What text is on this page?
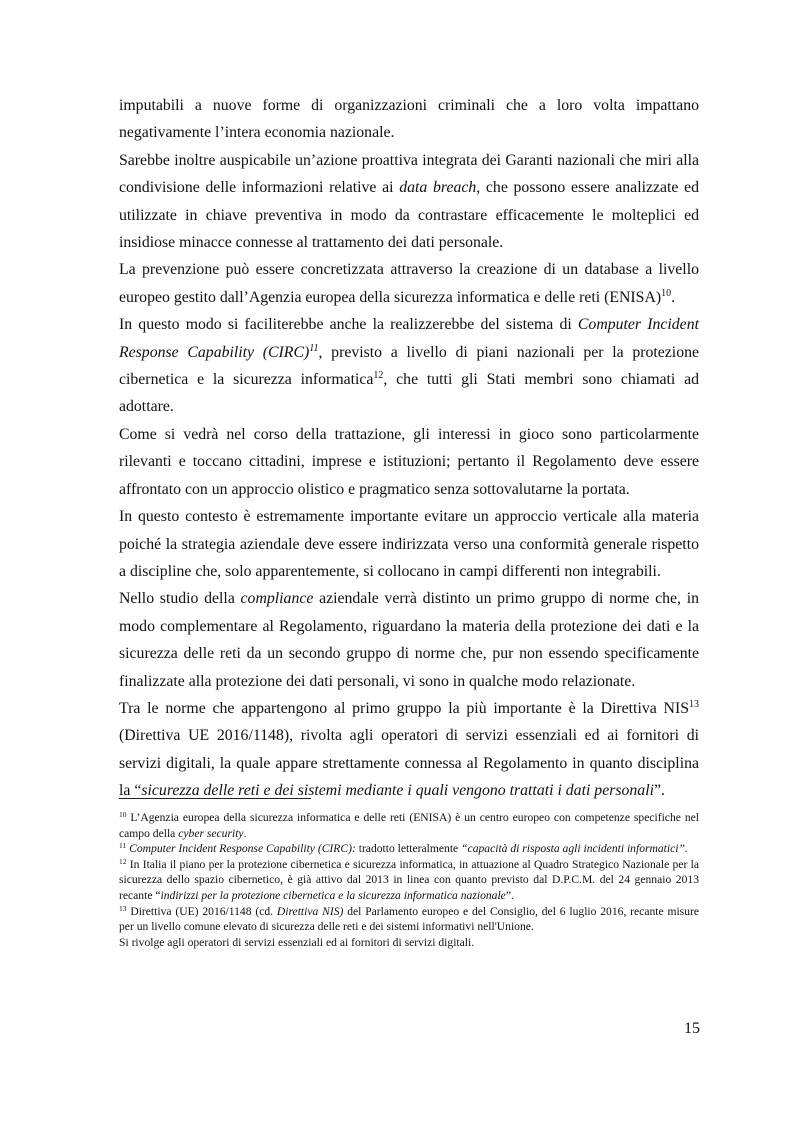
imputabili a nuove forme di organizzazioni criminali che a loro volta impattano negativamente l’intera economia nazionale.

Sarebbe inoltre auspicabile un’azione proattiva integrata dei Garanti nazionali che miri alla condivisione delle informazioni relative ai data breach, che possono essere analizzate ed utilizzate in chiave preventiva in modo da contrastare efficacemente le molteplici ed insidiose minacce connesse al trattamento dei dati personale.

La prevenzione può essere concretizzata attraverso la creazione di un database a livello europeo gestito dall’Agenzia europea della sicurezza informatica e delle reti (ENISA)$^{10}$.

In questo modo si faciliterebbe anche la realizzerebbe del sistema di Computer Incident Response Capability (CIRC)$^{11}$, previsto a livello di piani nazionali per la protezione cibernetica e la sicurezza informatica$^{12}$, che tutti gli Stati membri sono chiamati ad adottare.

Come si vedrà nel corso della trattazione, gli interessi in gioco sono particolarmente rilevanti e toccano cittadini, imprese e istituzioni; pertanto il Regolamento deve essere affrontato con un approccio olistico e pragmatico senza sottovalutarne la portata.

In questo contesto è estremamente importante evitare un approccio verticale alla materia poiché la strategia aziendale deve essere indirizzata verso una conformità generale rispetto a discipline che, solo apparentemente, si collocano in campi differenti non integrabili.

Nello studio della compliance aziendale verrà distinto un primo gruppo di norme che, in modo complementare al Regolamento, riguardano la materia della protezione dei dati e la sicurezza delle reti da un secondo gruppo di norme che, pur non essendo specificamente finalizzate alla protezione dei dati personali, vi sono in qualche modo relazionate.

Tra le norme che appartengono al primo gruppo la più importante è la Direttiva NIS$^{13}$ (Direttiva UE 2016/1148), rivolta agli operatori di servizi essenziali ed ai fornitori di servizi digitali, la quale appare strettamente connessa al Regolamento in quanto disciplina la “sicurezza delle reti e dei sistemi mediante i quali vengono trattati i dati personali”.

$^{10}$ L’Agenzia europea della sicurezza informatica e delle reti (ENISA) è un centro europeo con competenze specifiche nel campo della cyber security.

$^{11}$ Computer Incident Response Capability (CIRC): tradotto letteralmente “capacità di risposta agli incidenti informatici”.

$^{12}$ In Italia il piano per la protezione cibernetica e sicurezza informatica, in attuazione al Quadro Strategico Nazionale per la sicurezza dello spazio cibernetico, è già attivo dal 2013 in linea con quanto previsto dal D.P.C.M. del 24 gennaio 2013 recante “indirizzi per la protezione cibernetica e la sicurezza informatica nazionale”.

$^{13}$ Direttiva (UE) 2016/1148 (cd. Direttiva NIS) del Parlamento europeo e del Consiglio, del 6 luglio 2016, recante misure per un livello comune elevato di sicurezza delle reti e dei sistemi informativi nell'Unione.

Si rivolge agli operatori di servizi essenziali ed ai fornitori di servizi digitali.

15
